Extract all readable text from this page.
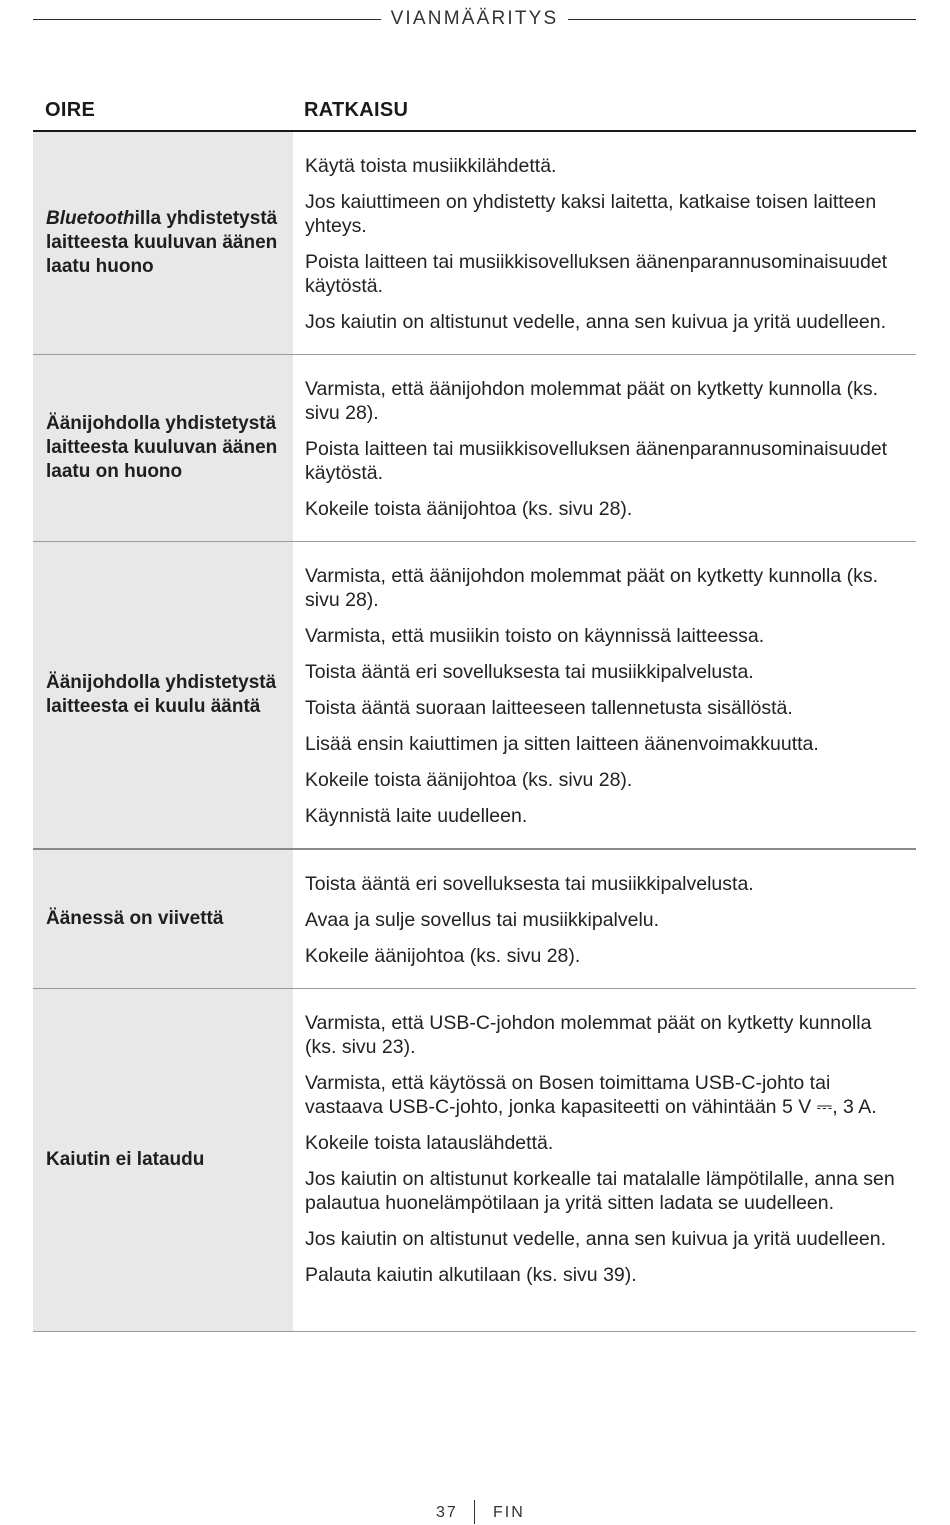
VIANMÄÄRITYS
OIRE	RATKAISU
Bluetoothilla yhdistetystä laitteesta kuuluvan äänen laatu huono

Käytä toista musiikkilähdettä.

Jos kaiuttimeen on yhdistetty kaksi laitetta, katkaise toisen laitteen yhteys.

Poista laitteen tai musiikkisovelluksen äänenparannusominaisuudet käytöstä.

Jos kaiutin on altistunut vedelle, anna sen kuivua ja yritä uudelleen.

Äänijohdolla yhdistetystä laitteesta kuuluvan äänen laatu on huono

Varmista, että äänijohdon molemmat päät on kytketty kunnolla (ks. sivu 28).

Poista laitteen tai musiikkisovelluksen äänenparannusominaisuudet käytöstä.

Kokeile toista äänijohtoa (ks. sivu 28).

Äänijohdolla yhdistetystä laitteesta ei kuulu ääntä

Varmista, että äänijohdon molemmat päät on kytketty kunnolla (ks. sivu 28).

Varmista, että musiikin toisto on käynnissä laitteessa.

Toista ääntä eri sovelluksesta tai musiikkipalvelusta.

Toista ääntä suoraan laitteeseen tallennetusta sisällöstä.

Lisää ensin kaiuttimen ja sitten laitteen äänenvoimakkuutta.

Kokeile toista äänijohtoa (ks. sivu 28).

Käynnistä laite uudelleen.

Äänessä on viivettä

Toista ääntä eri sovelluksesta tai musiikkipalvelusta.

Avaa ja sulje sovellus tai musiikkipalvelu.

Kokeile äänijohtoa (ks. sivu 28).

Kaiutin ei lataudu

Varmista, että USB-C-johdon molemmat päät on kytketty kunnolla (ks. sivu 23).

Varmista, että käytössä on Bosen toimittama USB-C-johto tai vastaava USB-C-johto, jonka kapasiteetti on vähintään 5 V ⎓, 3 A.

Kokeile toista latauslähdettä.

Jos kaiutin on altistunut korkealle tai matalalle lämpötilalle, anna sen palautua huonelämpötilaan ja yritä sitten ladata se uudelleen.

Jos kaiutin on altistunut vedelle, anna sen kuivua ja yritä uudelleen.

Palauta kaiutin alkutilaan (ks. sivu 39).

37 FIN
